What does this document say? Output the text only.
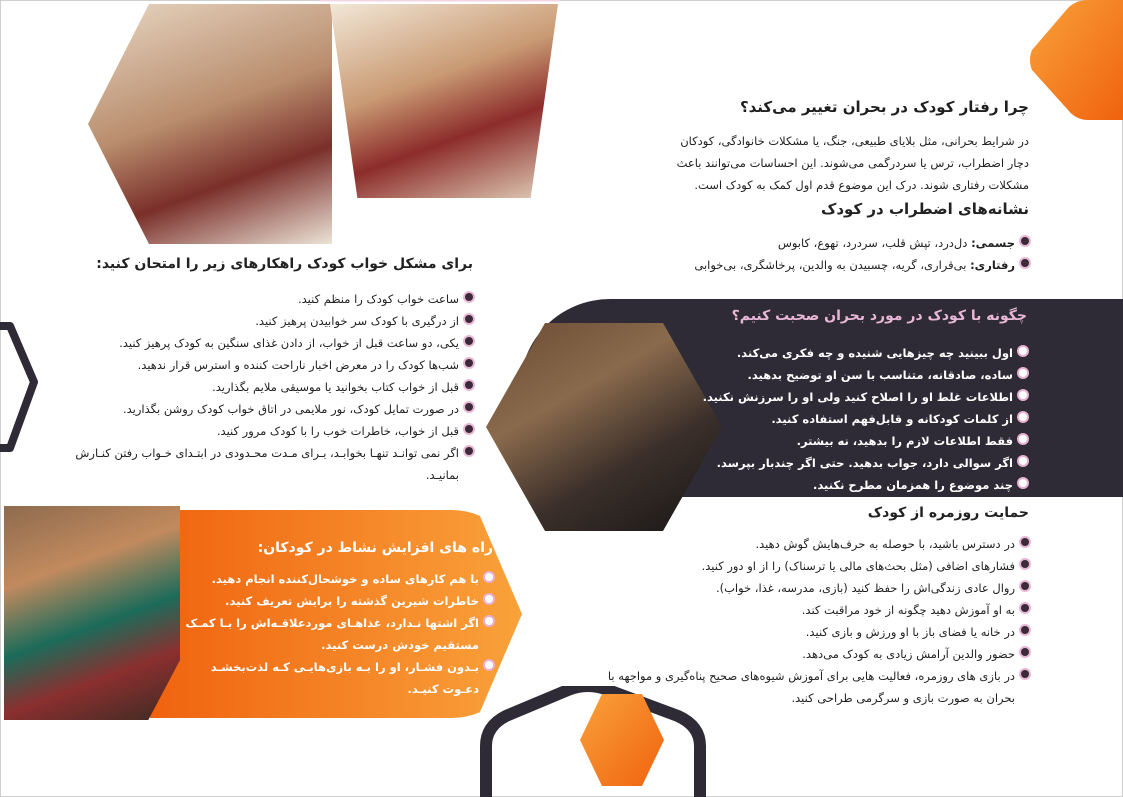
چرا رفتار کودک در بحران تغییر می‌کند؟

در شرایط بحرانی، مثل بلایای طبیعی، جنگ، یا مشکلات خانوادگی، کودکان دچار اضطراب، ترس یا سردرگمی می‌شوند. این احساسات می‌توانند باعث مشکلات رفتاری شوند. درک این موضوع قدم اول کمک به کودک است.

نشانه‌های اضطراب در کودک
جسمی: دل‌درد، تپش قلب، سردرد، تهوع، کابوس
رفتاری: بی‌قراری، گریه، چسبیدن به والدین، پرخاشگری، بی‌خوابی
برای مشکل خواب کودک راهکارهای زیر را امتحان کنید:
ساعت خواب کودک را منظم کنید.
از درگیری با کودک سر خوابیدن پرهیز کنید.
یکی، دو ساعت قبل از خواب، از دادن غذای سنگین به کودک پرهیز کنید.
شب‌ها کودک را در معرض اخبار ناراحت کننده و استرس قرار ندهید.
قبل از خواب کتاب بخوانید یا موسیقی ملایم بگذارید.
در صورت تمایل کودک، نور ملایمی در اتاق خواب کودک روشن بگذارید.
قبل از خواب، خاطرات خوب را با کودک مرور کنید.
اگر نمی توانـد تنهـا بخوابـد، بـرای مـدت محـدودی در ابتـدای خـواب رفتن کنـارش بمانیـد.
چگونه با کودک در مورد بحران صحبت کنیم؟
اول ببینید چه چیزهایی شنیده و چه فکری می‌کند.
ساده، صادقانه، متناسب با سن او توضیح بدهید.
اطلاعات غلط او را اصلاح کنید ولی او را سرزنش نکنید.
از کلمات کودکانه و قابل‌فهم استفاده کنید.
فقط اطلاعات لازم را بدهید، نه بیشتر.
اگر سوالی دارد، جواب بدهید. حتی اگر چندبار بپرسد.
چند موضوع را همزمان مطرح نکنید.
حمایت روزمره از کودک
در دسترس باشید، با حوصله به حرف‌هایش گوش دهید.
فشارهای اضافی (مثل بحث‌های مالی یا ترسناک) را از او دور کنید.
روال عادی زندگی‌اش را حفظ کنید (بازی، مدرسه، غذا، خواب).
به او آموزش دهید چگونه از خود مراقبت کند.
در خانه یا فضای باز با او ورزش و بازی کنید.
حضور والدین آرامش زیادی به کودک می‌دهد.
در بازی های روزمره، فعالیت هایی برای آموزش شیوه‌های صحیح پناه‌گیری و مواجهه با بحران به صورت بازی و سرگرمی طراحی کنید.
راه های افزایش نشاط در کودکان:
با هم کارهای ساده و خوشحال‌کننده انجام دهید.
خاطرات شیرین گذشته را برایش تعریف کنید.
اگر اشتها نـدارد، غذاهـای موردعلاقـه‌اش را بـا کمـک مستقیم خودش درست کنید.
بـدون فشـار، او را بـه بازی‌هایـی کـه لذت‌بخشـد دعـوت کنیـد.
